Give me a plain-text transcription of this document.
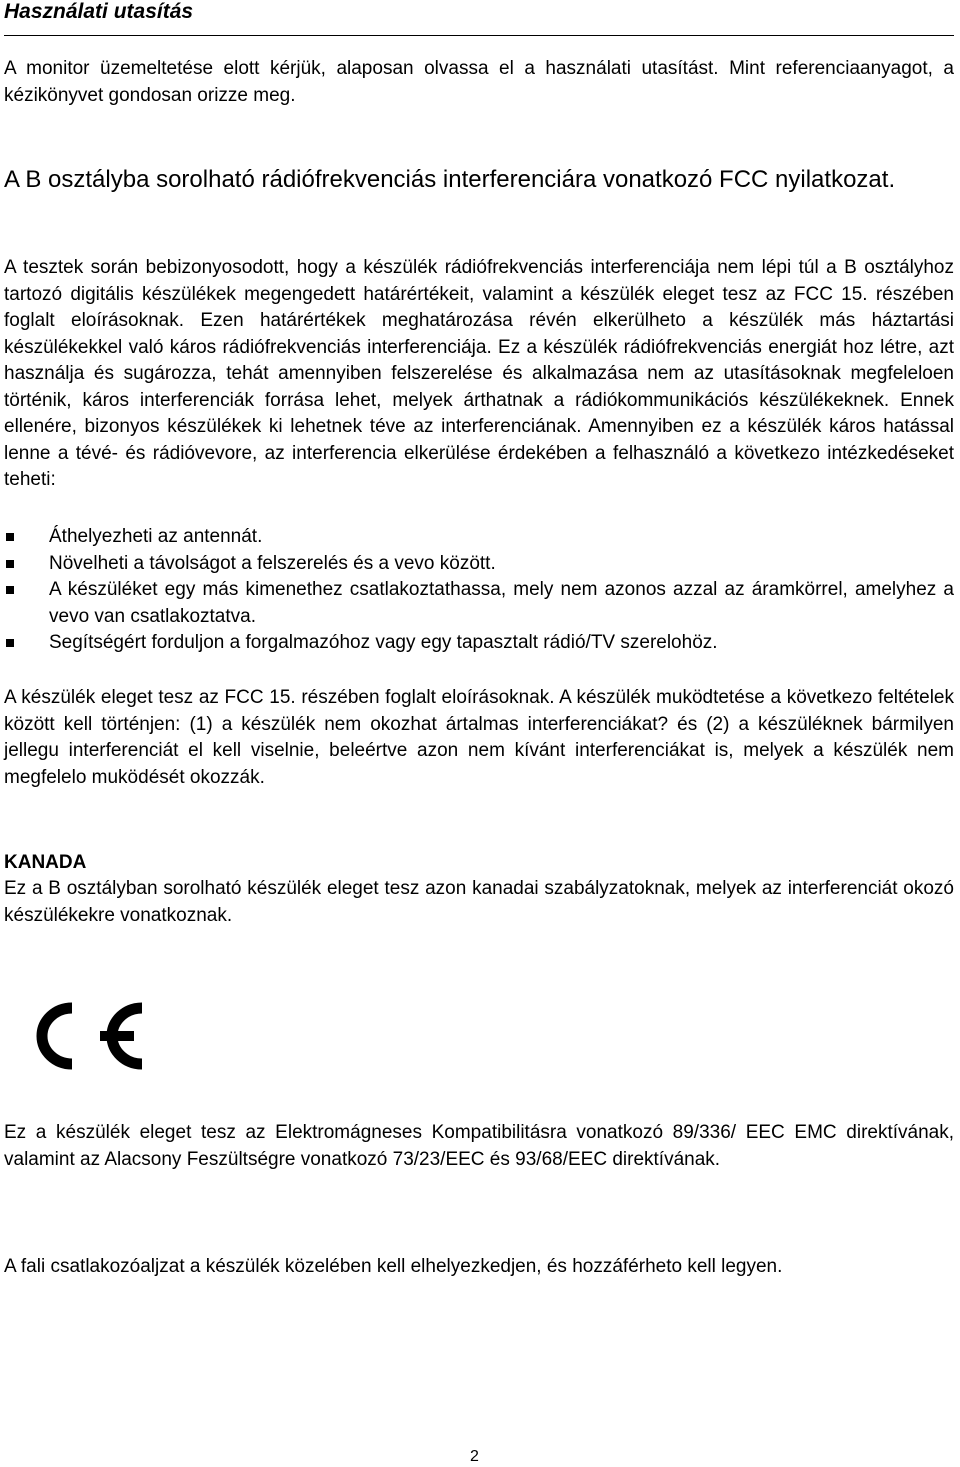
Használati utasítás

A monitor üzemeltetése elott kérjük, alaposan olvassa el a használati utasítást. Mint referenciaanyagot, a kézikönyvet gondosan orizze meg.

A B osztályba sorolható rádiófrekvenciás interferenciára vonatkozó FCC nyilatkozat.

A tesztek során bebizonyosodott, hogy a készülék rádiófrekvenciás interferenciája nem lépi túl a B osztályhoz tartozó digitális készülékek megengedett határértékeit, valamint a készülék eleget tesz az FCC 15. részében foglalt eloírásoknak. Ezen határértékek meghatározása révén elkerülheto a készülék más háztartási készülékekkel való káros rádiófrekvenciás interferenciája. Ez a készülék rádiófrekvenciás energiát hoz létre, azt használja és sugározza, tehát amennyiben felszerelése és alkalmazása nem az utasításoknak megfeleloen történik, káros interferenciák forrása lehet, melyek árthatnak a rádiókommunikációs készülékeknek. Ennek ellenére, bizonyos készülékek ki lehetnek téve az interferenciának. Amennyiben ez a készülék káros hatással lenne a tévé- és rádióvevore, az interferencia elkerülése érdekében a felhasználó a következo intézkedéseket teheti:

Áthelyezheti az antennát.
Növelheti a távolságot a felszerelés és a vevo között.
A készüléket egy más kimenethez csatlakoztathassa, mely nem azonos azzal az áramkörrel, amelyhez a vevo van csatlakoztatva.
Segítségért forduljon a forgalmazóhoz vagy egy tapasztalt rádió/TV szerelohöz.

A készülék eleget tesz az FCC 15. részében foglalt eloírásoknak. A készülék muködtetése a következo feltételek között kell történjen: (1) a készülék nem okozhat ártalmas interferenciákat? és (2) a készüléknek bármilyen jellegu interferenciát el kell viselnie, beleértve azon nem kívánt interferenciákat is, melyek a készülék nem megfelelo muködését okozzák.

KANADA

Ez a B osztályban sorolható készülék eleget tesz azon kanadai szabályzatoknak, melyek az interferenciát okozó készülékekre vonatkoznak.

Ez a készülék eleget tesz az Elektromágneses Kompatibilitásra vonatkozó 89/336/ EEC EMC direktívának, valamint az Alacsony Feszültségre vonatkozó 73/23/EEC és 93/68/EEC direktívának.

A fali csatlakozóaljzat a készülék közelében kell elhelyezkedjen, és hozzáférheto kell legyen.

2
